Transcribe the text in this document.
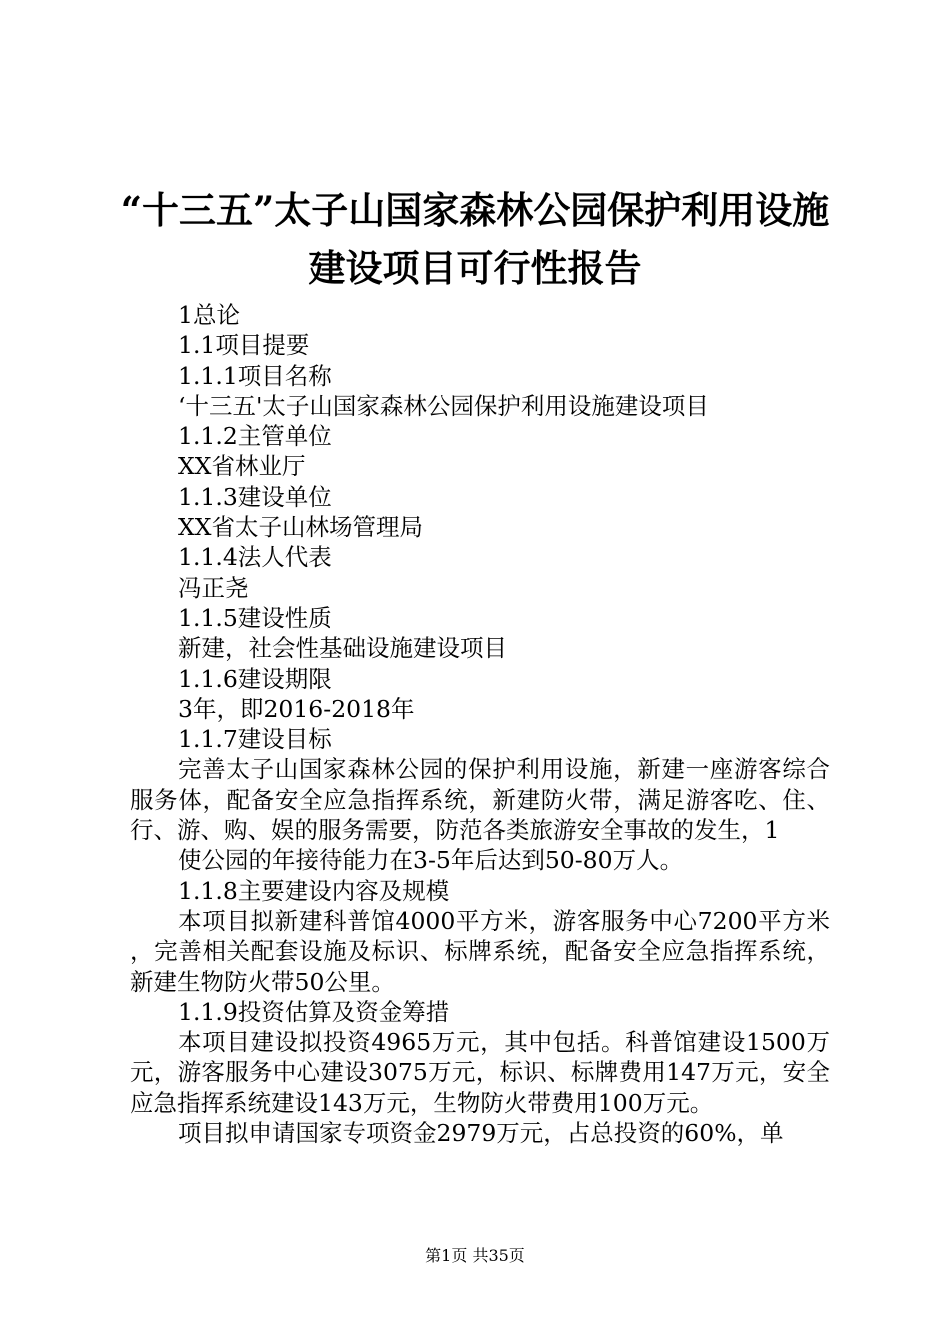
“十三五”太子山国家森林公园保护利用设施
建设项目可行性报告

1总论

1.1项目提要

1.1.1项目名称

‘十三五'太子山国家森林公园保护利用设施建设项目

1.1.2主管单位

XX省林业厅

1.1.3建设单位

XX省太子山林场管理局

1.1.4法人代表

冯正尧

1.1.5建设性质

新建，社会性基础设施建设项目

1.1.6建设期限

3年，即2016-2018年

1.1.7建设目标

完善太子山国家森林公园的保护利用设施，新建一座游客综合服务体，配备安全应急指挥系统，新建防火带，满足游客吃、住、行、游、购、娱的服务需要，防范各类旅游安全事故的发生，1

使公园的年接待能力在3-5年后达到50-80万人。

1.1.8主要建设内容及规模

本项目拟新建科普馆4000平方米，游客服务中心7200平方米，完善相关配套设施及标识、标牌系统，配备安全应急指挥系统，新建生物防火带50公里。

1.1.9投资估算及资金筹措

本项目建设拟投资4965万元，其中包括。科普馆建设1500万元，游客服务中心建设3075万元，标识、标牌费用147万元，安全应急指挥系统建设143万元，生物防火带费用100万元。

项目拟申请国家专项资金2979万元，占总投资的60%，单

第1页 共35页
